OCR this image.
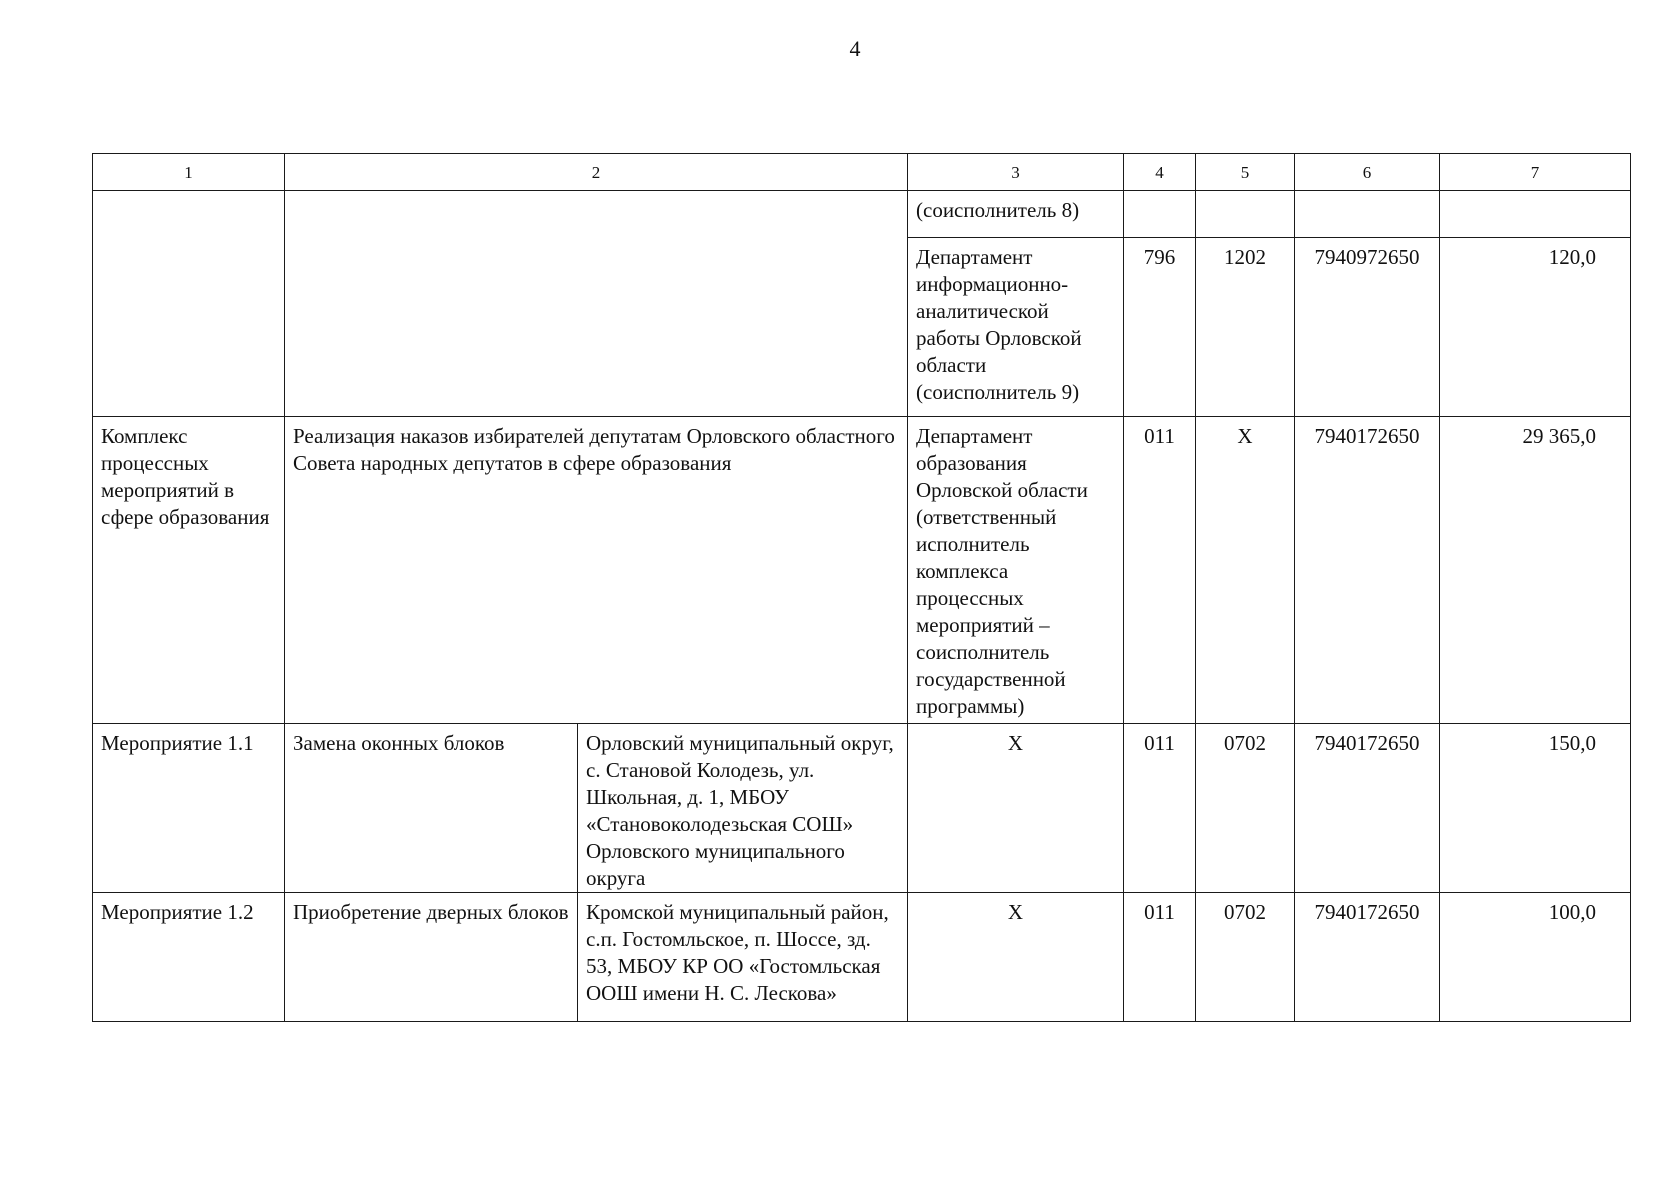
4
1	2		3	4	5	6	7
			(соисполнитель 8)				
			Департамент информационно-аналитической работы Орловской области (соисполнитель 9)	796	1202	7940972650	120,0
Комплекс процессных мероприятий в сфере образования	Реализация наказов избирателей депутатам Орловского областного Совета народных депутатов в сфере образования		Департамент образования Орловской области (ответственный исполнитель комплекса процессных мероприятий – соисполнитель государственной программы)	011	Х	7940172650	29 365,0
Мероприятие 1.1	Замена оконных блоков	Орловский муниципальный округ, с. Становой Колодезь, ул. Школьная, д. 1, МБОУ «Становоколодезьская СОШ» Орловского муниципального округа	Х	011	0702	7940172650	150,0
Мероприятие 1.2	Приобретение дверных блоков	Кромской муниципальный район, с.п. Гостомльское, п. Шоссе, зд. 53, МБОУ КР ОО «Гостомльская ООШ имени Н. С. Лескова»	Х	011	0702	7940172650	100,0
